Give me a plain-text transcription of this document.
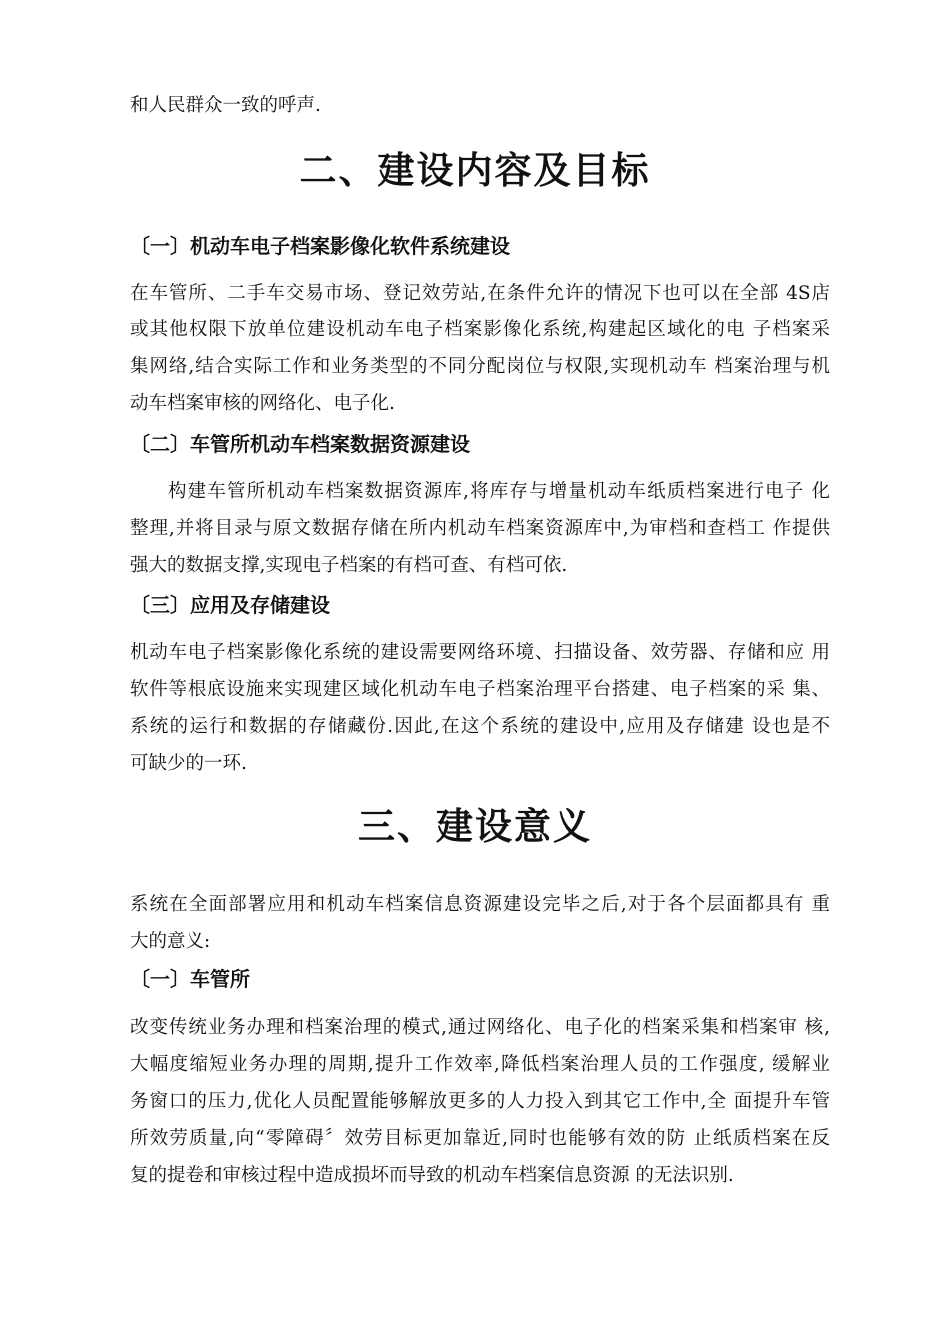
和人民群众一致的呼声.
二、建设内容及目标
〔一〕机动车电子档案影像化软件系统建设
在车管所、二手车交易市场、登记效劳站,在条件允许的情况下也可以在全部 4S店
或其他权限下放单位建设机动车电子档案影像化系统,构建起区域化的电 子档案采
集网络,结合实际工作和业务类型的不同分配岗位与权限,实现机动车 档案治理与机
动车档案审核的网络化、电子化.
〔二〕车管所机动车档案数据资源建设
构建车管所机动车档案数据资源库,将库存与增量机动车纸质档案进行电子 化
整理,并将目录与原文数据存储在所内机动车档案资源库中,为审档和查档工 作提供
强大的数据支撑,实现电子档案的有档可查、有档可依.
〔三〕应用及存储建设
机动车电子档案影像化系统的建设需要网络环境、扫描设备、效劳器、存储和应 用
软件等根底设施来实现建区域化机动车电子档案治理平台搭建、电子档案的采 集、
系统的运行和数据的存储藏份.因此,在这个系统的建设中,应用及存储建 设也是不
可缺少的一环.
三、建设意义
系统在全面部署应用和机动车档案信息资源建设完毕之后,对于各个层面都具有 重
大的意义:
〔一〕车管所
改变传统业务办理和档案治理的模式,通过网络化、电子化的档案采集和档案审 核,
大幅度缩短业务办理的周期,提升工作效率,降低档案治理人员的工作强度, 缓解业
务窗口的压力,优化人员配置能够解放更多的人力投入到其它工作中,全 面提升车管
所效劳质量,向“零障碍〞效劳目标更加靠近,同时也能够有效的防 止纸质档案在反
复的提卷和审核过程中造成损坏而导致的机动车档案信息资源 的无法识别.
